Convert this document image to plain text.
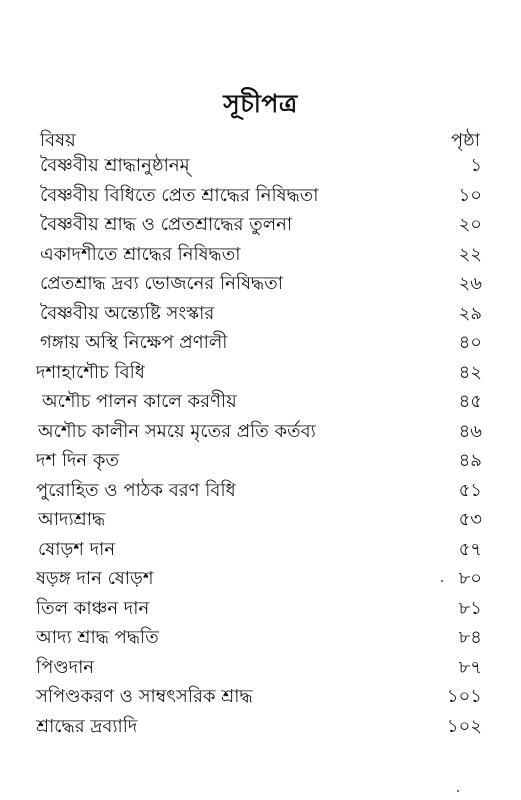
সূচীপত্র
বিষয়	পৃষ্ঠা
বৈষ্ণবীয় শ্রাদ্ধানুষ্ঠানম্	১
বৈষ্ণবীয় বিধিতে প্রেত শ্রাদ্ধের নিষিদ্ধতা	১০
বৈষ্ণবীয় শ্রাদ্ধ ও প্রেতশ্রাদ্ধের তুলনা	২০
একাদশীতে শ্রাদ্ধের নিষিদ্ধতা	২২
প্রেতশ্রাদ্ধ দ্রব্য ভোজনের নিষিদ্ধতা	২৬
বৈষ্ণবীয় অন্ত্যেষ্টি সংস্কার	২৯
গঙ্গায় অস্থি নিক্ষেপ প্রণালী	৪০
দশাহাশৌচ বিধি	৪২
অশৌচ পালন কালে করণীয়	৪৫
অশৌচ কালীন সময়ে মৃতের প্রতি কর্তব্য	৪৬
দশ দিন কৃত	৪৯
পুরোহিত ও পাঠক বরণ বিধি	৫১
আদ্যশ্রাদ্ধ	৫৩
ষোড়শ দান	৫৭
ষড়ঙ্গ দান ষোড়শ	৮০
তিল কাঞ্চন দান	৮১
আদ্য শ্রাদ্ধ পদ্ধতি	৮৪
পিণ্ডদান	৮৭
সপিণ্ডকরণ ও সাম্বৎসরিক শ্রাদ্ধ	১০১
শ্রাদ্ধের দ্রব্যাদি	১০২
